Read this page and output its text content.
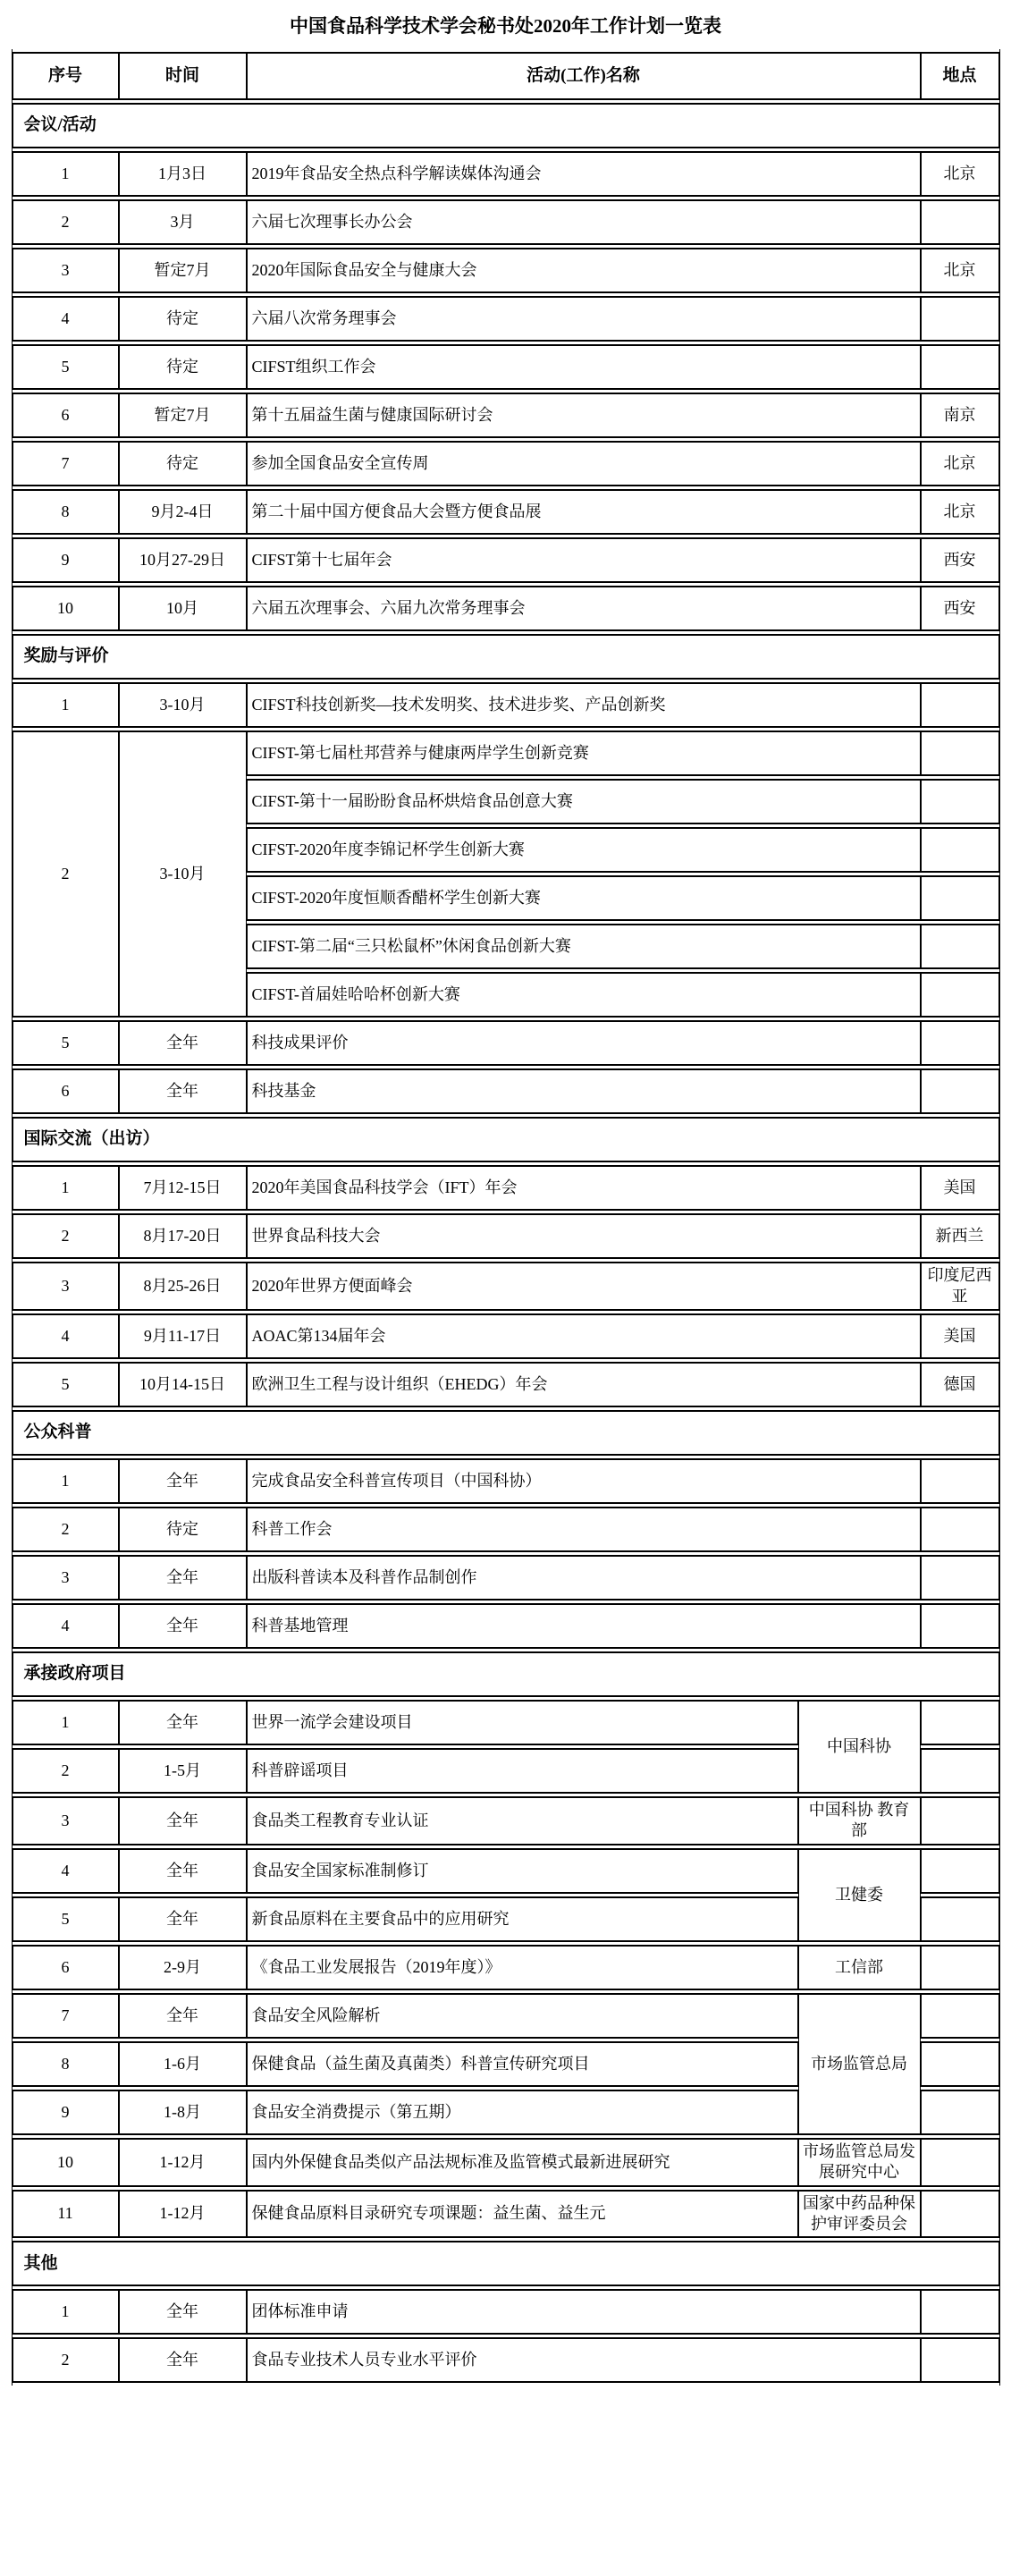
中国食品科学技术学会秘书处2020年工作计划一览表
序号	时间	活动(工作)名称		地点
会议/活动				
1	1月3日	2019年食品安全热点科学解读媒体沟通会		北京
2	3月	六届七次理事长办公会		
3	暂定7月	2020年国际食品安全与健康大会		北京
4	待定	六届八次常务理事会		
5	待定	CIFST组织工作会		
6	暂定7月	第十五届益生菌与健康国际研讨会		南京
7	待定	参加全国食品安全宣传周		北京
8	9月2-4日	第二十届中国方便食品大会暨方便食品展		北京
9	10月27-29日	CIFST第十七届年会		西安
10	10月	六届五次理事会、六届九次常务理事会		西安
奖励与评价				
1	3-10月	CIFST科技创新奖—技术发明奖、技术进步奖、产品创新奖		
2	3-10月	CIFST-第七届杜邦营养与健康两岸学生创新竞赛		
		CIFST-第十一届盼盼食品杯烘焙食品创意大赛		
		CIFST-2020年度李锦记杯学生创新大赛		
		CIFST-2020年度恒顺香醋杯学生创新大赛		
		CIFST-第二届“三只松鼠杯”休闲食品创新大赛		
		CIFST-首届娃哈哈杯创新大赛		
5	全年	科技成果评价		
6	全年	科技基金		
国际交流（出访）				
1	7月12-15日	2020年美国食品科技学会（IFT）年会		美国
2	8月17-20日	世界食品科技大会		新西兰
3	8月25-26日	2020年世界方便面峰会		印度尼西亚
4	9月11-17日	AOAC第134届年会		美国
5	10月14-15日	欧洲卫生工程与设计组织（EHEDG）年会		德国
公众科普				
1	全年	完成食品安全科普宣传项目（中国科协）		
2	待定	科普工作会		
3	全年	出版科普读本及科普作品制创作		
4	全年	科普基地管理		
承接政府项目				
1	全年	世界一流学会建设项目	中国科协	
2	1-5月	科普辟谣项目		
3	全年	食品类工程教育专业认证	中国科协 教育部	
4	全年	食品安全国家标准制修订	卫健委	
5	全年	新食品原料在主要食品中的应用研究		
6	2-9月	《食品工业发展报告（2019年度）》	工信部	
7	全年	食品安全风险解析	市场监管总局	
8	1-6月	保健食品（益生菌及真菌类）科普宣传研究项目		
9	1-8月	食品安全消费提示（第五期）		
10	1-12月	国内外保健食品类似产品法规标准及监管模式最新进展研究	市场监管总局发展研究中心	
11	1-12月	保健食品原料目录研究专项课题：益生菌、益生元	国家中药品种保护审评委员会	
其他				
1	全年	团体标准申请		
2	全年	食品专业技术人员专业水平评价		
